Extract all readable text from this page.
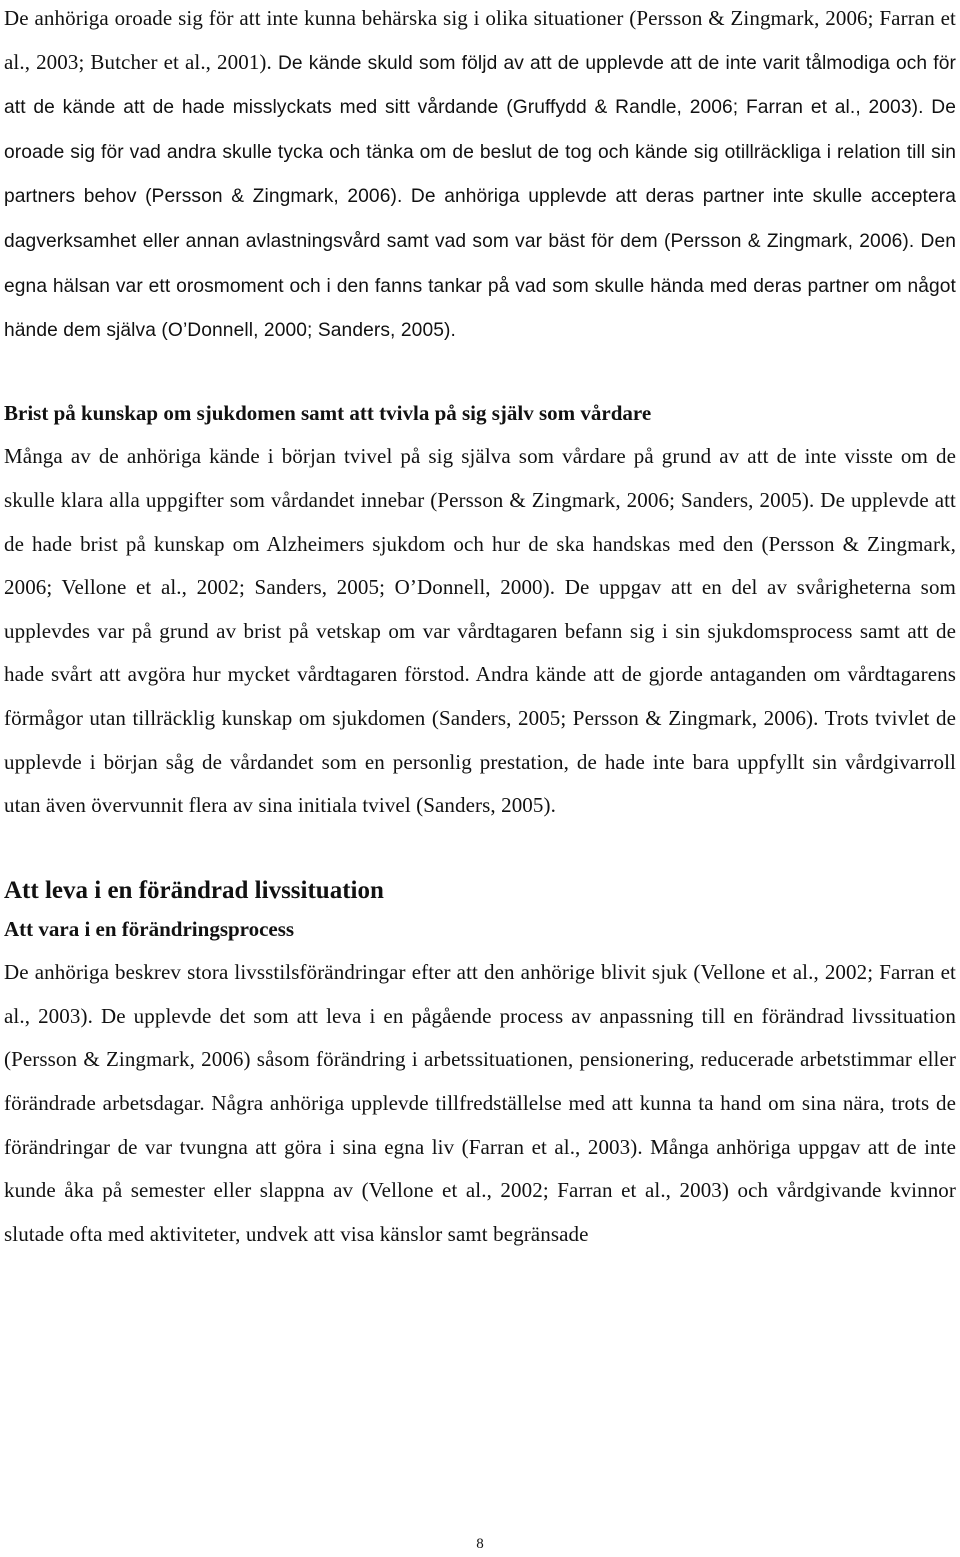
De anhöriga oroade sig för att inte kunna behärska sig i olika situationer (Persson & Zingmark, 2006; Farran et al., 2003; Butcher et al., 2001). De kände skuld som följd av att de upplevde att de inte varit tålmodiga och för att de kände att de hade misslyckats med sitt vårdande (Gruffydd & Randle, 2006; Farran et al., 2003). De oroade sig för vad andra skulle tycka och tänka om de beslut de tog och kände sig otillräckliga i relation till sin partners behov (Persson & Zingmark, 2006). De anhöriga upplevde att deras partner inte skulle acceptera dagverksamhet eller annan avlastningsvård samt vad som var bäst för dem (Persson & Zingmark, 2006). Den egna hälsan var ett orosmoment och i den fanns tankar på vad som skulle hända med deras partner om något hände dem själva (O’Donnell, 2000; Sanders, 2005).

Brist på kunskap om sjukdomen samt att tvivla på sig själv som vårdare

Många av de anhöriga kände i början tvivel på sig själva som vårdare på grund av att de inte visste om de skulle klara alla uppgifter som vårdandet innebar (Persson & Zingmark, 2006; Sanders, 2005). De upplevde att de hade brist på kunskap om Alzheimers sjukdom och hur de ska handskas med den (Persson & Zingmark, 2006; Vellone et al., 2002; Sanders, 2005; O’Donnell, 2000). De uppgav att en del av svårigheterna som upplevdes var på grund av brist på vetskap om var vårdtagaren befann sig i sin sjukdomsprocess samt att de hade svårt att avgöra hur mycket vårdtagaren förstod. Andra kände att de gjorde antaganden om vårdtagarens förmågor utan tillräcklig kunskap om sjukdomen (Sanders, 2005; Persson & Zingmark, 2006). Trots tvivlet de upplevde i början såg de vårdandet som en personlig prestation, de hade inte bara uppfyllt sin vårdgivarroll utan även övervunnit flera av sina initiala tvivel (Sanders, 2005).

Att leva i en förändrad livssituation
Att vara i en förändringsprocess

De anhöriga beskrev stora livsstilsförändringar efter att den anhörige blivit sjuk (Vellone et al., 2002; Farran et al., 2003). De upplevde det som att leva i en pågående process av anpassning till en förändrad livssituation (Persson & Zingmark, 2006) såsom förändring i arbetssituationen, pensionering, reducerade arbetstimmar eller förändrade arbetsdagar. Några anhöriga upplevde tillfredställelse med att kunna ta hand om sina nära, trots de förändringar de var tvungna att göra i sina egna liv (Farran et al., 2003). Många anhöriga uppgav att de inte kunde åka på semester eller slappna av (Vellone et al., 2002; Farran et al., 2003) och vårdgivande kvinnor slutade ofta med aktiviteter, undvek att visa känslor samt begränsade

8
